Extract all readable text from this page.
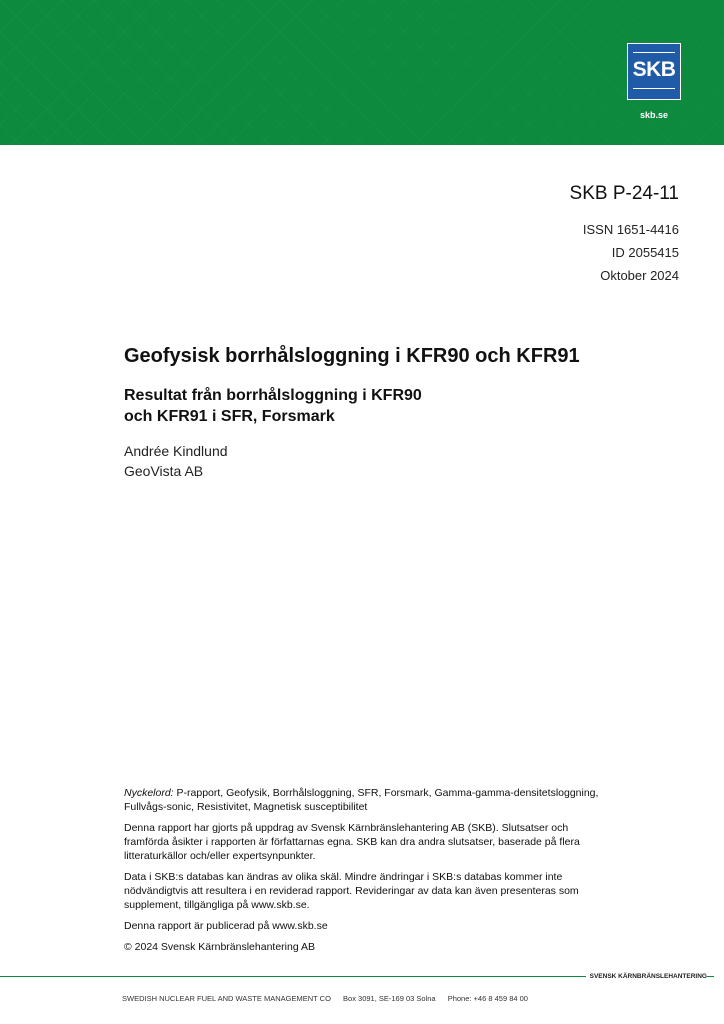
SKB
skb.se
SKB P-24-11
ISSN 1651-4416
ID 2055415
Oktober 2024
Geofysisk borrhålsloggning i KFR90 och KFR91
Resultat från borrhålsloggning i KFR90
och KFR91 i SFR, Forsmark
Andrée Kindlund
GeoVista AB
Nyckelord: P-rapport, Geofysik, Borrhålsloggning, SFR, Forsmark, Gamma-gamma-densitetsloggning,
Fullvågs-sonic, Resistivitet, Magnetisk susceptibilitet
Denna rapport har gjorts på uppdrag av Svensk Kärnbränslehantering AB (SKB). Slutsatser och
framförda åsikter i rapporten är författarnas egna. SKB kan dra andra slutsatser, baserade på flera
litteraturkällor och/eller expertsynpunkter.
Data i SKB:s databas kan ändras av olika skäl. Mindre ändringar i SKB:s databas kommer inte
nödvändigtvis att resultera i en reviderad rapport. Revideringar av data kan även presenteras som
supplement, tillgängliga på www.skb.se.
Denna rapport är publicerad på www.skb.se
© 2024 Svensk Kärnbränslehantering AB
SVENSK KÄRNBRÄNSLEHANTERING
SWEDISH NUCLEAR FUEL AND WASTE MANAGEMENT CO Box 3091, SE-169 03 Solna Phone: +46 8 459 84 00
